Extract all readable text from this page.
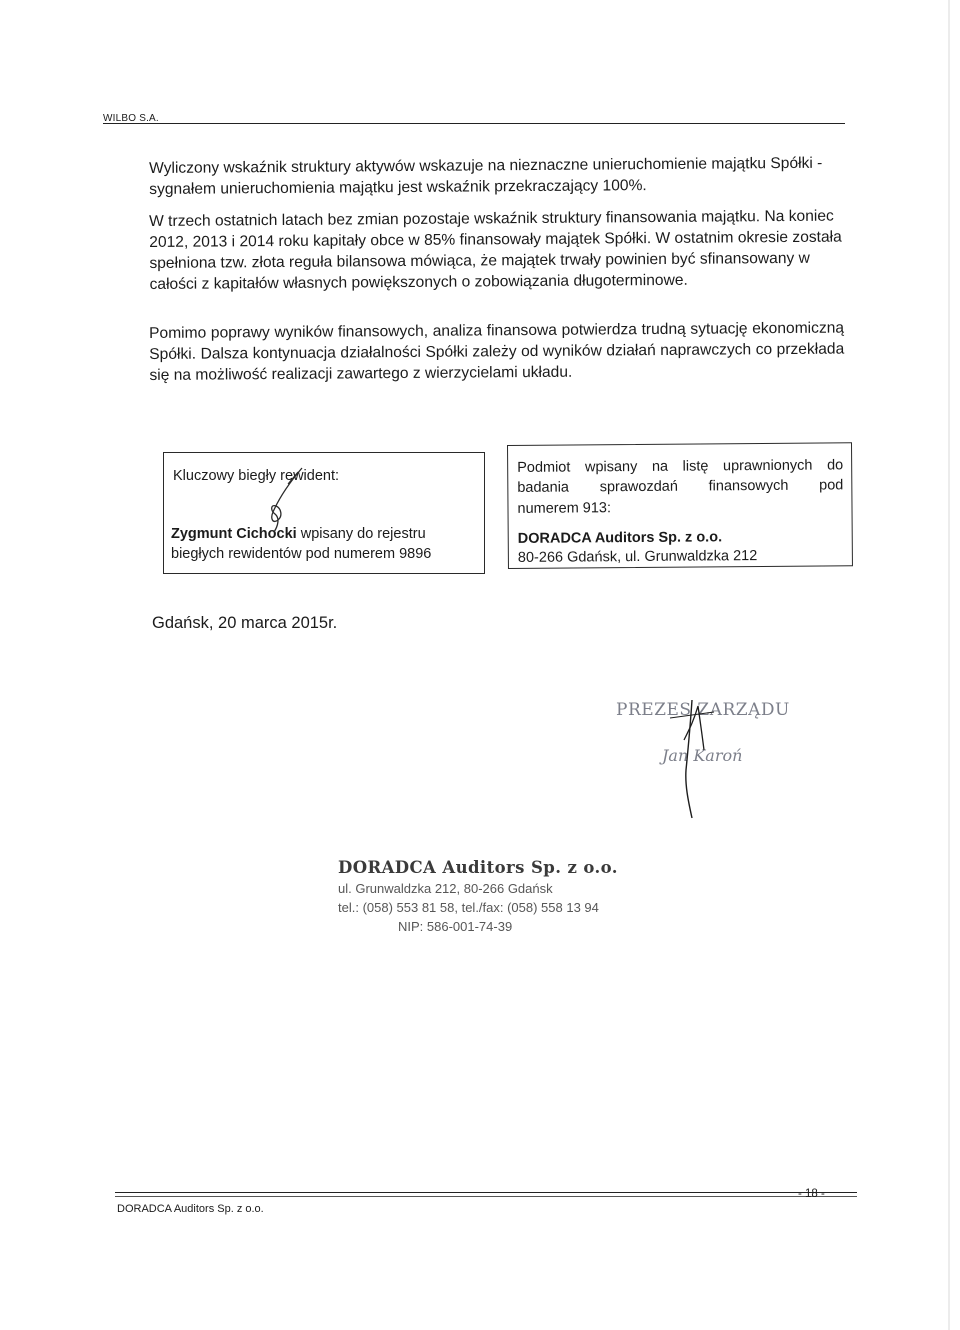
WILBO S.A.

Wyliczony wskaźnik struktury aktywów wskazuje na nieznaczne unieruchomienie majątku Spółki - sygnałem unieruchomienia majątku jest wskaźnik przekraczający 100%.

W trzech ostatnich latach bez zmian pozostaje wskaźnik struktury finansowania majątku. Na koniec 2012, 2013 i 2014 roku kapitały obce w 85% finansowały majątek Spółki. W ostatnim okresie została spełniona tzw. złota reguła bilansowa mówiąca, że majątek trwały powinien być sfinansowany w całości z kapitałów własnych powiększonych o zobowiązania długoterminowe.

Pomimo poprawy wyników finansowych, analiza finansowa potwierdza trudną sytuację ekonomiczną Spółki. Dalsza kontynuacja działalności Spółki zależy od wyników działań naprawczych co przekłada się na możliwość realizacji zawartego z wierzycielami układu.

Kluczowy biegły rewident:
Zygmunt Cichocki wpisany do rejestru biegłych rewidentów pod numerem 9896
Podmiot wpisany na listę uprawnionych do
badania sprawozdań finansowych pod
numerem 913:
DORADCA Auditors Sp. z o.o.
80-266 Gdańsk, ul. Grunwaldzka 212
Gdańsk, 20 marca 2015r.
PREZES ZARZĄDU
Jan Karoń
DORADCA Auditors Sp. z o.o.
ul. Grunwaldzka 212, 80-266 Gdańsk
tel.: (058) 553 81 58, tel./fax: (058) 558 13 94
NIP: 586-001-74-39
DORADCA Auditors Sp. z o.o.
- 18 -
